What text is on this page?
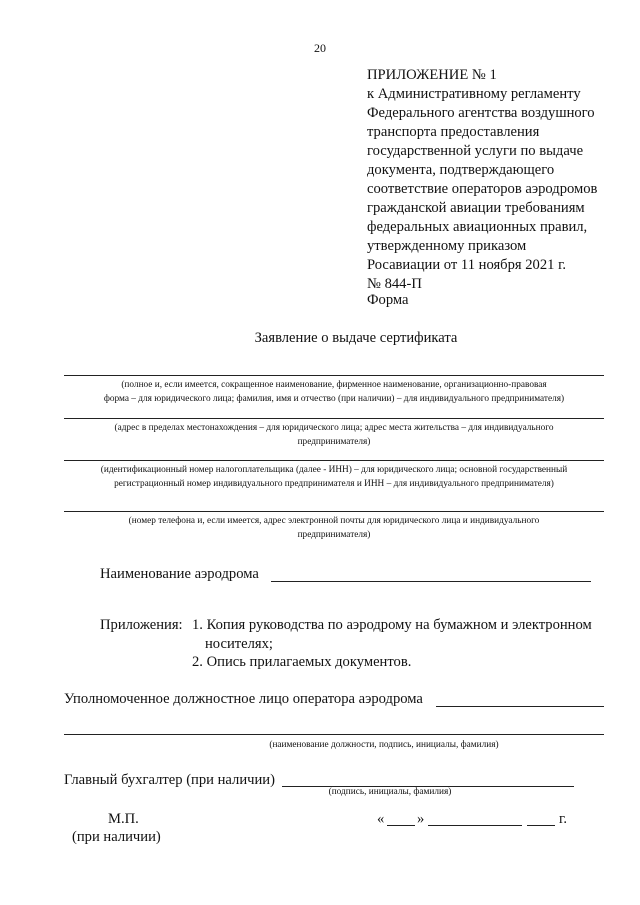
20
ПРИЛОЖЕНИЕ № 1
к Административному регламенту
Федерального агентства воздушного
транспорта предоставления
государственной услуги по выдаче
документа, подтверждающего
соответствие операторов аэродромов
гражданской авиации требованиям
федеральных авиационных правил,
утвержденному приказом
Росавиации от 11 ноября 2021 г.
№ 844-П
Форма
Заявление о выдаче сертификата
(полное и, если имеется, сокращенное наименование, фирменное наименование, организационно-правовая
форма – для юридического лица; фамилия, имя и отчество (при наличии) – для индивидуального предпринимателя)
(адрес в пределах местонахождения – для юридического лица; адрес места жительства – для индивидуального
предпринимателя)
(идентификационный номер налогоплательщика (далее - ИНН) – для юридического лица; основной государственный
регистрационный номер индивидуального предпринимателя и ИНН – для индивидуального предпринимателя)
(номер телефона и, если имеется, адрес электронной почты для юридического лица и индивидуального
предпринимателя)
Наименование аэродрома
Приложения: 1. Копия руководства по аэродрому на бумажном и электронном
носителях;
2. Опись прилагаемых документов.
Уполномоченное должностное лицо оператора аэродрома
(наименование должности, подпись, инициалы, фамилия)
Главный бухгалтер (при наличии)
(подпись, инициалы, фамилия)
М.П.
(при наличии)
« »	г.
